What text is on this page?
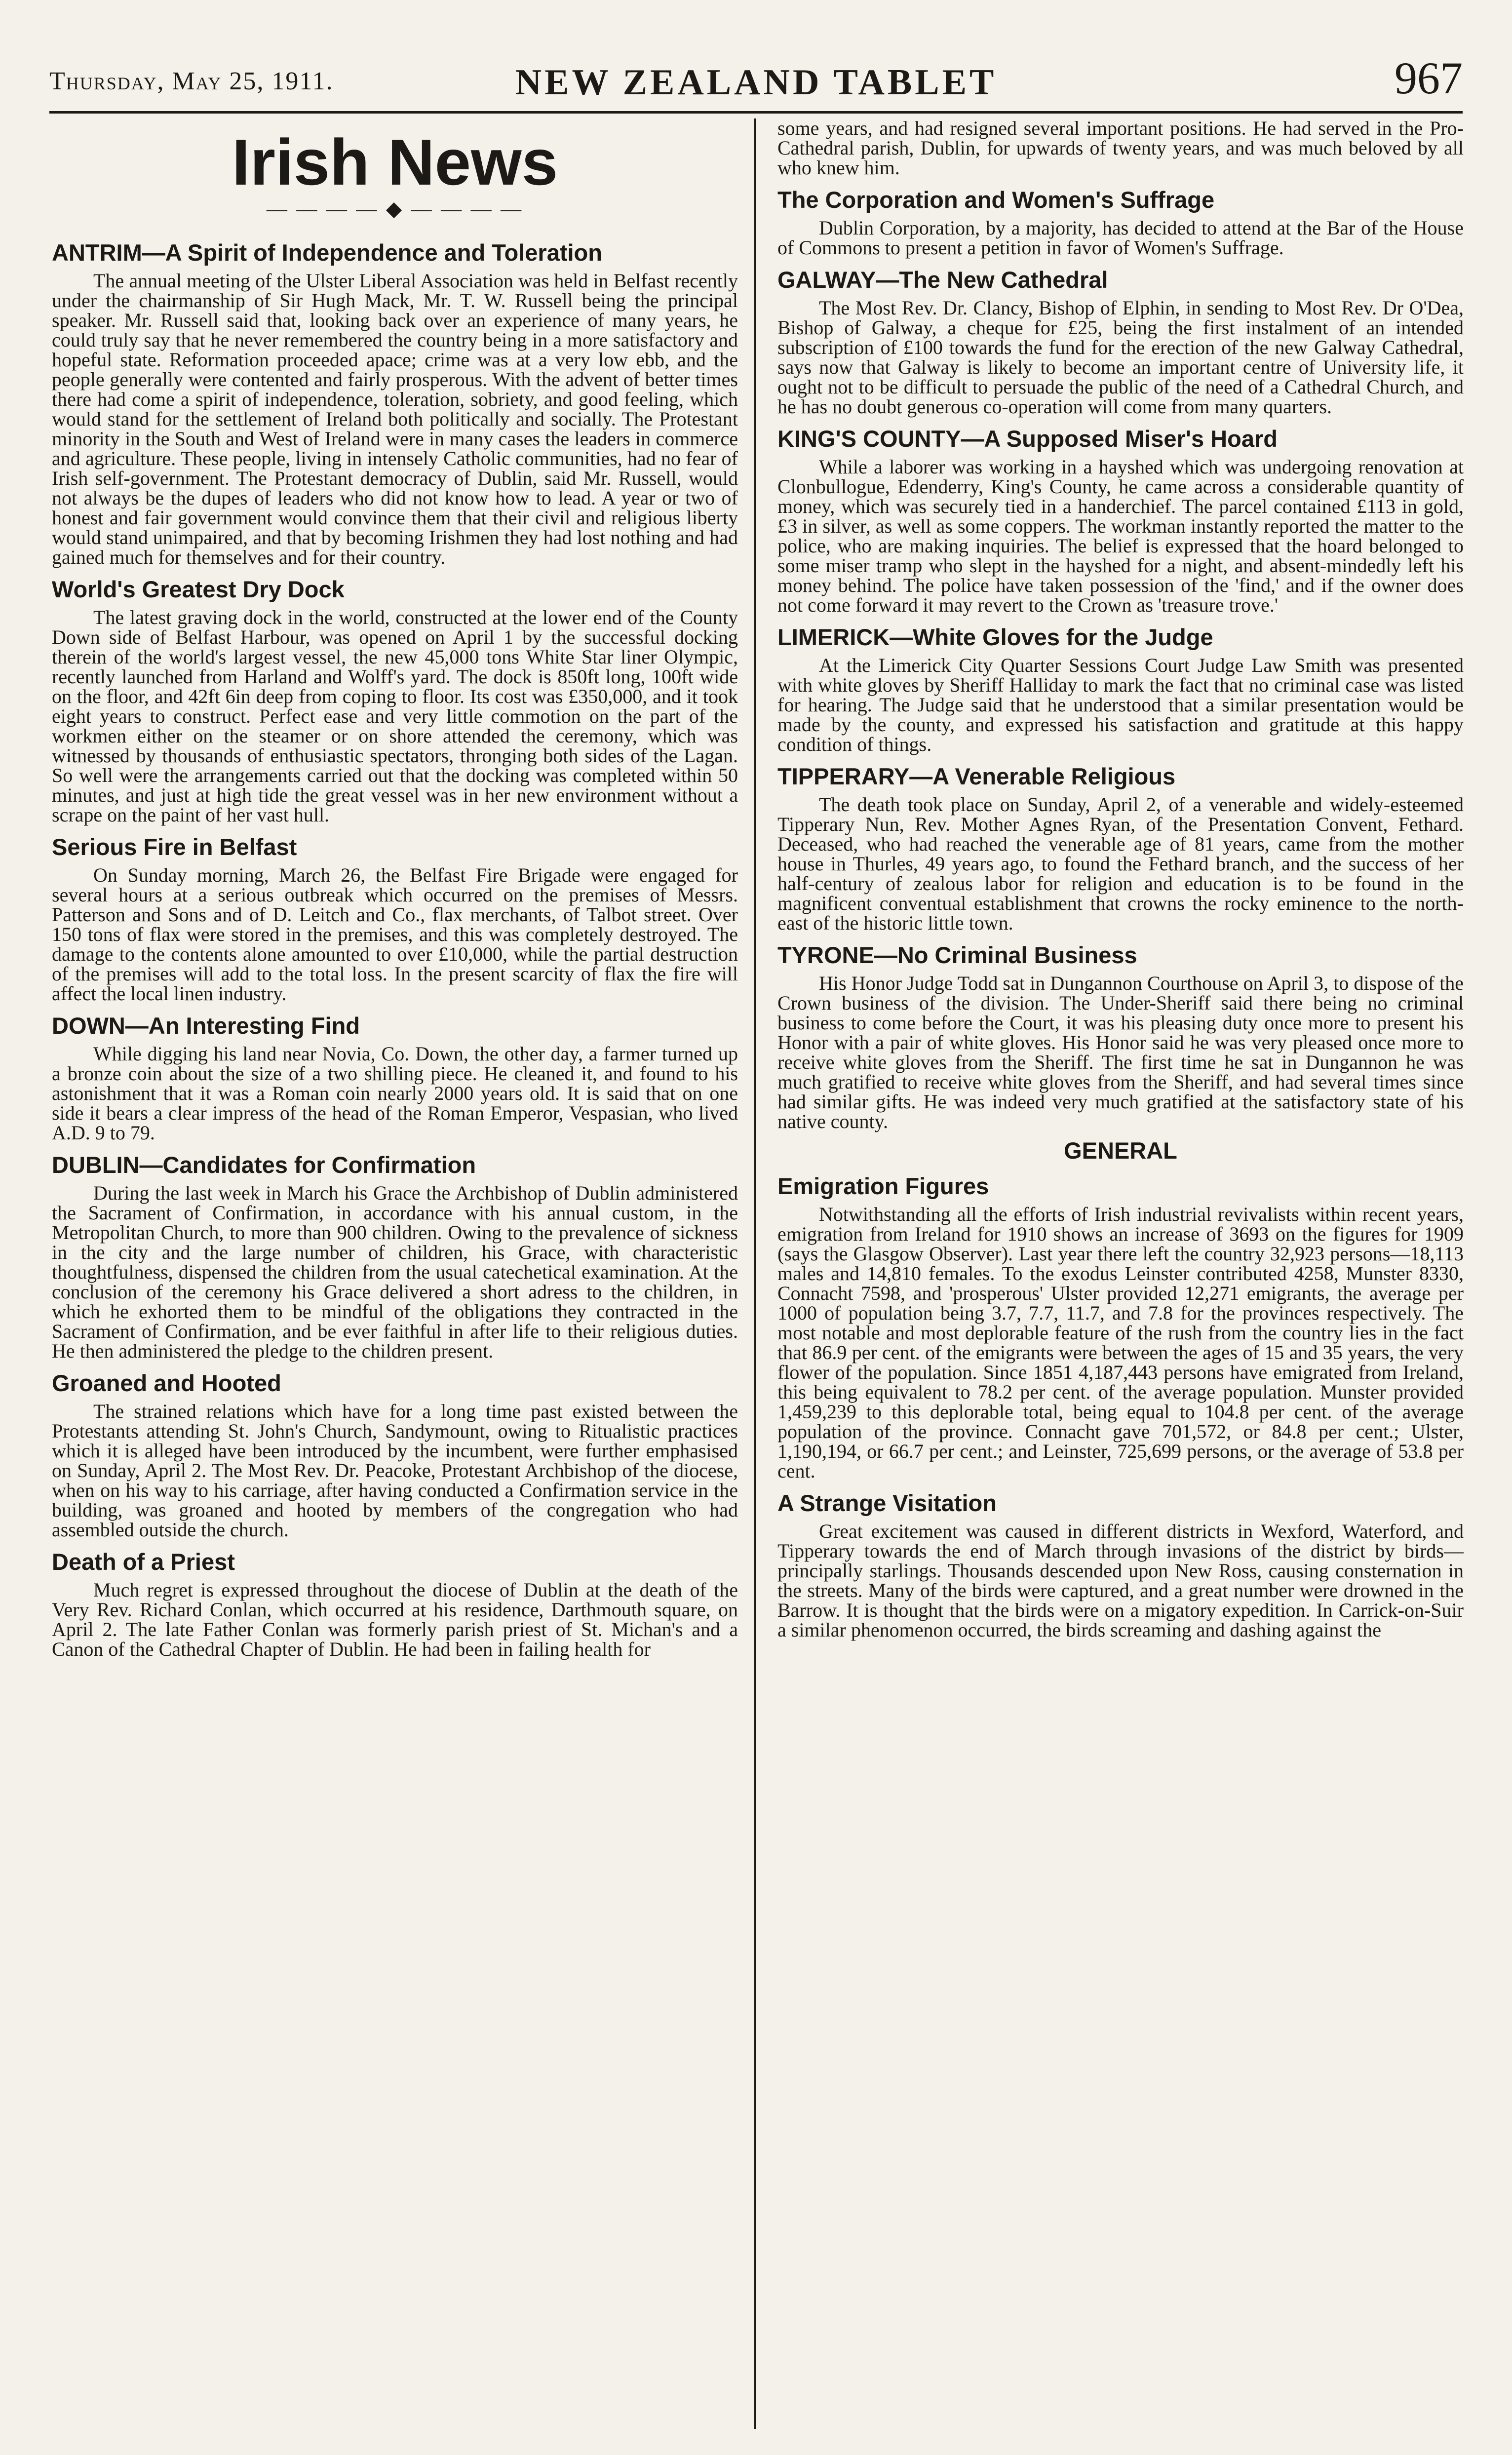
Thursday, May 25, 1911.	NEW ZEALAND TABLET	967
Irish News
— — — — ◆ — — — —
ANTRIM—A Spirit of Independence and Toleration

The annual meeting of the Ulster Liberal Association was held in Belfast recently under the chairmanship of Sir Hugh Mack, Mr. T. W. Russell being the principal speaker. Mr. Russell said that, looking back over an experience of many years, he could truly say that he never remembered the country being in a more satisfactory and hopeful state. Reformation proceeded apace; crime was at a very low ebb, and the people generally were contented and fairly prosperous. With the advent of better times there had come a spirit of independence, toleration, sobriety, and good feeling, which would stand for the settlement of Ireland both politically and socially. The Protestant minority in the South and West of Ireland were in many cases the leaders in commerce and agriculture. These people, living in intensely Catholic communities, had no fear of Irish self-government. The Protestant democracy of Dublin, said Mr. Russell, would not always be the dupes of leaders who did not know how to lead. A year or two of honest and fair government would convince them that their civil and religious liberty would stand unimpaired, and that by becoming Irishmen they had lost nothing and had gained much for themselves and for their country.

World's Greatest Dry Dock

The latest graving dock in the world, constructed at the lower end of the County Down side of Belfast Harbour, was opened on April 1 by the successful docking therein of the world's largest vessel, the new 45,000 tons White Star liner Olympic, recently launched from Harland and Wolff's yard. The dock is 850ft long, 100ft wide on the floor, and 42ft 6in deep from coping to floor. Its cost was £350,000, and it took eight years to construct. Perfect ease and very little commotion on the part of the workmen either on the steamer or on shore attended the ceremony, which was witnessed by thousands of enthusiastic spectators, thronging both sides of the Lagan. So well were the arrangements carried out that the docking was completed within 50 minutes, and just at high tide the great vessel was in her new environment without a scrape on the paint of her vast hull.

Serious Fire in Belfast

On Sunday morning, March 26, the Belfast Fire Brigade were engaged for several hours at a serious outbreak which occurred on the premises of Messrs. Patterson and Sons and of D. Leitch and Co., flax merchants, of Talbot street. Over 150 tons of flax were stored in the premises, and this was completely destroyed. The damage to the contents alone amounted to over £10,000, while the partial destruction of the premises will add to the total loss. In the present scarcity of flax the fire will affect the local linen industry.

DOWN—An Interesting Find

While digging his land near Novia, Co. Down, the other day, a farmer turned up a bronze coin about the size of a two shilling piece. He cleaned it, and found to his astonishment that it was a Roman coin nearly 2000 years old. It is said that on one side it bears a clear impress of the head of the Roman Emperor, Vespasian, who lived A.D. 9 to 79.

DUBLIN—Candidates for Confirmation

During the last week in March his Grace the Archbishop of Dublin administered the Sacrament of Confirmation, in accordance with his annual custom, in the Metropolitan Church, to more than 900 children. Owing to the prevalence of sickness in the city and the large number of children, his Grace, with characteristic thoughtfulness, dispensed the children from the usual catechetical examination. At the conclusion of the ceremony his Grace delivered a short adress to the children, in which he exhorted them to be mindful of the obligations they contracted in the Sacrament of Confirmation, and be ever faithful in after life to their religious duties. He then administered the pledge to the children present.

Groaned and Hooted

The strained relations which have for a long time past existed between the Protestants attending St. John's Church, Sandymount, owing to Ritualistic practices which it is alleged have been introduced by the incumbent, were further emphasised on Sunday, April 2. The Most Rev. Dr. Peacoke, Protestant Archbishop of the diocese, when on his way to his carriage, after having conducted a Confirmation service in the building, was groaned and hooted by members of the congregation who had assembled outside the church.

Death of a Priest

Much regret is expressed throughout the diocese of Dublin at the death of the Very Rev. Richard Conlan, which occurred at his residence, Darthmouth square, on April 2. The late Father Conlan was formerly parish priest of St. Michan's and a Canon of the Cathedral Chapter of Dublin. He had been in failing health for

some years, and had resigned several important positions. He had served in the Pro-Cathedral parish, Dublin, for upwards of twenty years, and was much beloved by all who knew him.

The Corporation and Women's Suffrage

Dublin Corporation, by a majority, has decided to attend at the Bar of the House of Commons to present a petition in favor of Women's Suffrage.

GALWAY—The New Cathedral

The Most Rev. Dr. Clancy, Bishop of Elphin, in sending to Most Rev. Dr O'Dea, Bishop of Galway, a cheque for £25, being the first instalment of an intended subscription of £100 towards the fund for the erection of the new Galway Cathedral, says now that Galway is likely to become an important centre of University life, it ought not to be difficult to persuade the public of the need of a Cathedral Church, and he has no doubt generous co-operation will come from many quarters.

KING'S COUNTY—A Supposed Miser's Hoard

While a laborer was working in a hayshed which was undergoing renovation at Clonbullogue, Edenderry, King's County, he came across a considerable quantity of money, which was securely tied in a handerchief. The parcel contained £113 in gold, £3 in silver, as well as some coppers. The workman instantly reported the matter to the police, who are making inquiries. The belief is expressed that the hoard belonged to some miser tramp who slept in the hayshed for a night, and absent-mindedly left his money behind. The police have taken possession of the 'find,' and if the owner does not come forward it may revert to the Crown as 'treasure trove.'

LIMERICK—White Gloves for the Judge

At the Limerick City Quarter Sessions Court Judge Law Smith was presented with white gloves by Sheriff Halliday to mark the fact that no criminal case was listed for hearing. The Judge said that he understood that a similar presentation would be made by the county, and expressed his satisfaction and gratitude at this happy condition of things.

TIPPERARY—A Venerable Religious

The death took place on Sunday, April 2, of a venerable and widely-esteemed Tipperary Nun, Rev. Mother Agnes Ryan, of the Presentation Convent, Fethard. Deceased, who had reached the venerable age of 81 years, came from the mother house in Thurles, 49 years ago, to found the Fethard branch, and the success of her half-century of zealous labor for religion and education is to be found in the magnificent conventual establishment that crowns the rocky eminence to the north-east of the historic little town.

TYRONE—No Criminal Business

His Honor Judge Todd sat in Dungannon Courthouse on April 3, to dispose of the Crown business of the division. The Under-Sheriff said there being no criminal business to come before the Court, it was his pleasing duty once more to present his Honor with a pair of white gloves. His Honor said he was very pleased once more to receive white gloves from the Sheriff. The first time he sat in Dungannon he was much gratified to receive white gloves from the Sheriff, and had several times since had similar gifts. He was indeed very much gratified at the satisfactory state of his native county.

GENERAL
Emigration Figures

Notwithstanding all the efforts of Irish industrial revivalists within recent years, emigration from Ireland for 1910 shows an increase of 3693 on the figures for 1909 (says the Glasgow Observer). Last year there left the country 32,923 persons—18,113 males and 14,810 females. To the exodus Leinster contributed 4258, Munster 8330, Connacht 7598, and 'prosperous' Ulster provided 12,271 emigrants, the average per 1000 of population being 3.7, 7.7, 11.7, and 7.8 for the provinces respectively. The most notable and most deplorable feature of the rush from the country lies in the fact that 86.9 per cent. of the emigrants were between the ages of 15 and 35 years, the very flower of the population. Since 1851 4,187,443 persons have emigrated from Ireland, this being equivalent to 78.2 per cent. of the average population. Munster provided 1,459,239 to this deplorable total, being equal to 104.8 per cent. of the average population of the province. Connacht gave 701,572, or 84.8 per cent.; Ulster, 1,190,194, or 66.7 per cent.; and Leinster, 725,699 persons, or the average of 53.8 per cent.

A Strange Visitation

Great excitement was caused in different districts in Wexford, Waterford, and Tipperary towards the end of March through invasions of the district by birds—principally starlings. Thousands descended upon New Ross, causing consternation in the streets. Many of the birds were captured, and a great number were drowned in the Barrow. It is thought that the birds were on a migatory expedition. In Carrick-on-Suir a similar phenomenon occurred, the birds screaming and dashing against the
